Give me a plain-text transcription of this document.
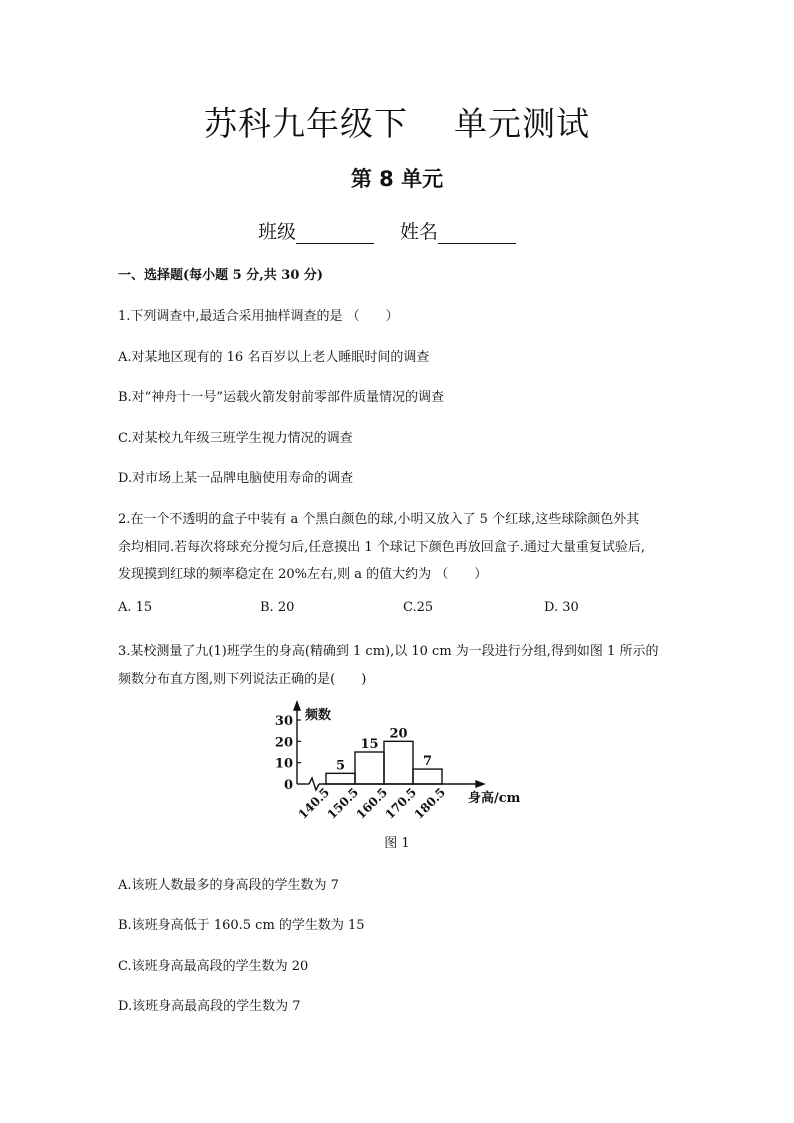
苏科九年级下 单元测试
第 8 单元
班级	姓名
一、选择题(每小题 5 分,共 30 分)
1.下列调查中,最适合采用抽样调查的是 （　　）
A.对某地区现有的 16 名百岁以上老人睡眠时间的调查
B.对“神舟十一号”运载火箭发射前零部件质量情况的调查
C.对某校九年级三班学生视力情况的调查
D.对市场上某一品牌电脑使用寿命的调查
2.在一个不透明的盒子中装有 a 个黑白颜色的球,小明又放入了 5 个红球,这些球除颜色外其
余均相同.若每次将球充分搅匀后,任意摸出 1 个球记下颜色再放回盒子.通过大量重复试验后,
发现摸到红球的频率稳定在 20%左右,则 a 的值大约为 （　　）
A. 15	B. 20	C.25	D. 30
3.某校测量了九(1)班学生的身高(精确到 1 cm),以 10 cm 为一段进行分组,得到如图 1 所示的
频数分布直方图,则下列说法正确的是(　　)
0
10
20
30 频数
5
15
20
7
140.5
150.5
160.5
170.5
180.5 身高/cm
图 1
A.该班人数最多的身高段的学生数为 7
B.该班身高低于 160.5 cm 的学生数为 15
C.该班身高最高段的学生数为 20
D.该班身高最高段的学生数为 7
